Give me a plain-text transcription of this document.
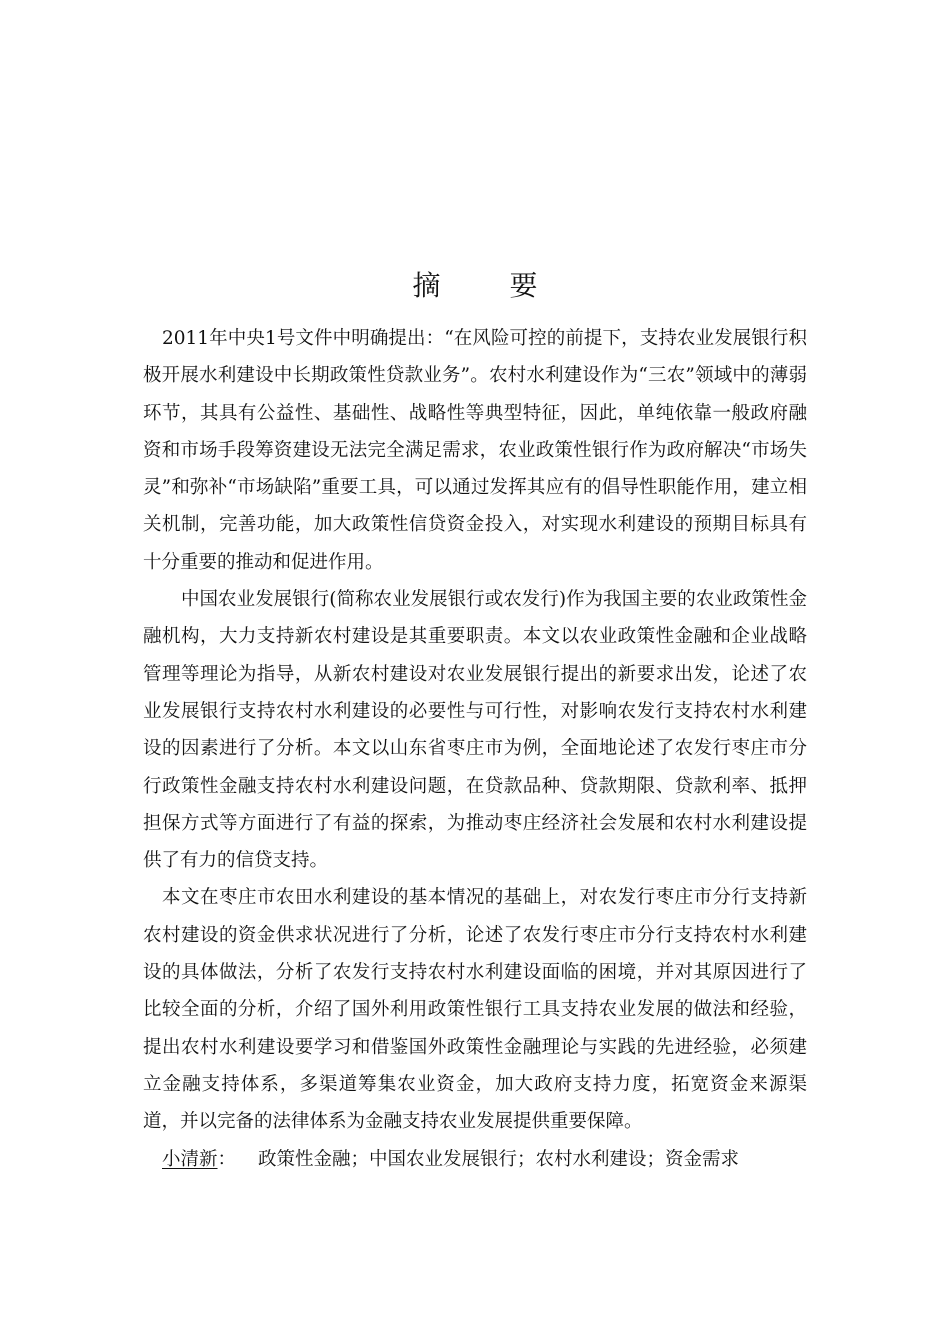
摘 要

2011年中央1号文件中明确提出：“在风险可控的前提下，支持农业发展银行积极开展水利建设中长期政策性贷款业务”。农村水利建设作为“三农”领域中的薄弱环节，其具有公益性、基础性、战略性等典型特征，因此，单纯依靠一般政府融资和市场手段筹资建设无法完全满足需求，农业政策性银行作为政府解决“市场失灵”和弥补“市场缺陷”重要工具，可以通过发挥其应有的倡导性职能作用，建立相关机制，完善功能，加大政策性信贷资金投入，对实现水利建设的预期目标具有十分重要的推动和促进作用。

中国农业发展银行(简称农业发展银行或农发行)作为我国主要的农业政策性金融机构，大力支持新农村建设是其重要职责。本文以农业政策性金融和企业战略管理等理论为指导，从新农村建设对农业发展银行提出的新要求出发，论述了农业发展银行支持农村水利建设的必要性与可行性，对影响农发行支持农村水利建设的因素进行了分析。本文以山东省枣庄市为例，全面地论述了农发行枣庄市分行政策性金融支持农村水利建设问题，在贷款品种、贷款期限、贷款利率、抵押担保方式等方面进行了有益的探索，为推动枣庄经济社会发展和农村水利建设提供了有力的信贷支持。

本文在枣庄市农田水利建设的基本情况的基础上，对农发行枣庄市分行支持新农村建设的资金供求状况进行了分析，论述了农发行枣庄市分行支持农村水利建设的具体做法，分析了农发行支持农村水利建设面临的困境，并对其原因进行了比较全面的分析，介绍了国外利用政策性银行工具支持农业发展的做法和经验，提出农村水利建设要学习和借鉴国外政策性金融理论与实践的先进经验，必须建立金融支持体系，多渠道筹集农业资金，加大政府支持力度，拓宽资金来源渠道，并以完备的法律体系为金融支持农业发展提供重要保障。

小清新： 政策性金融；中国农业发展银行；农村水利建设；资金需求
